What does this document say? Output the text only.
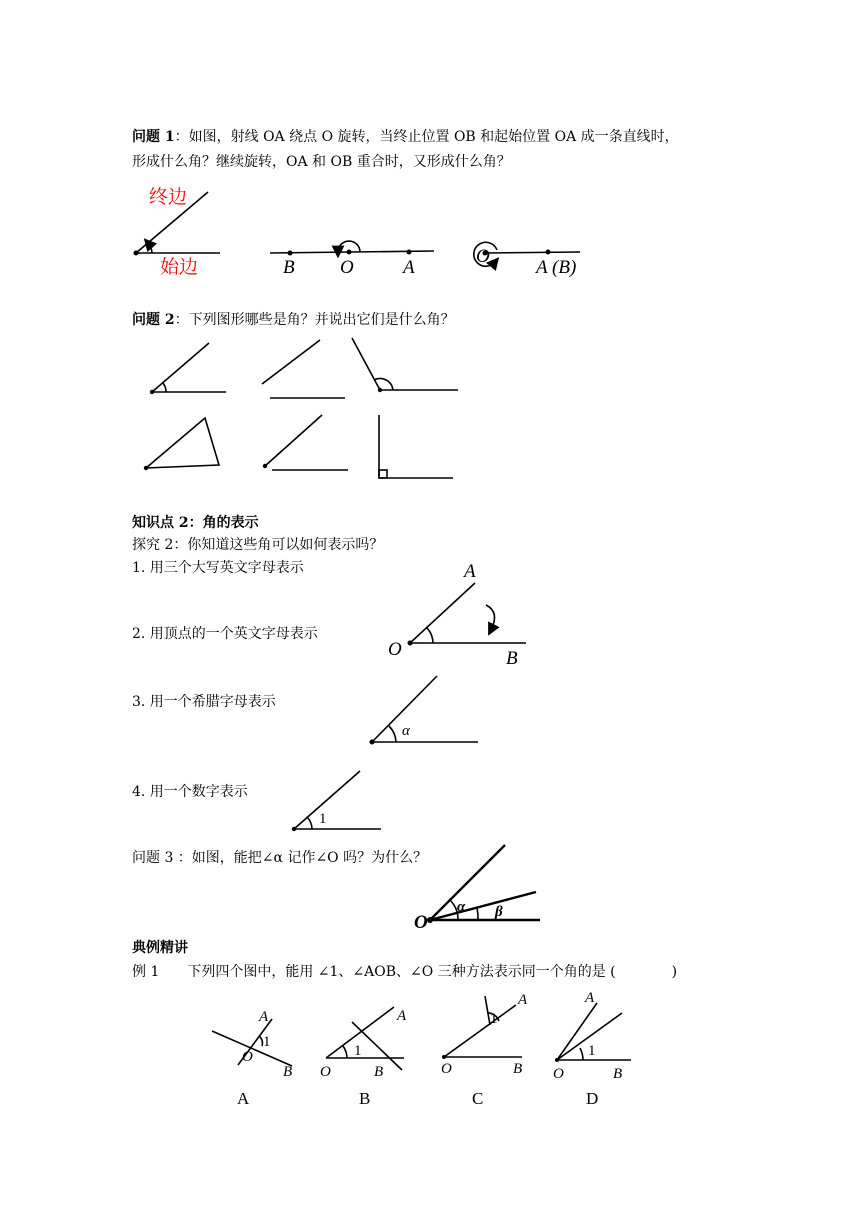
问题 1：如图，射线 OA 绕点 O 旋转，当终止位置 OB 和起始位置 OA 成一条直线时，
形成什么角？继续旋转，OA 和 OB 重合时，又形成什么角？
问题 2：下列图形哪些是角？并说出它们是什么角？
知识点 2：角的表示
探究 2：你知道这些角可以如何表示吗？
1. 用三个大写英文字母表示
2. 用顶点的一个英文字母表示
3. 用一个希腊字母表示
4. 用一个数字表示
问题 3 ：如图，能把∠α 记作∠O 吗？为什么？
典例精讲
例 1　　下列四个图中，能用 ∠1、∠AOB、∠O 三种方法表示同一个角的是 (　　　　)
终边
始边	B O	A
O
A (B)
A
O	B
α
1
O
α β
A
1
O
B
A
A
1
O	B
B
A
1
O	B
C
A
1
O	B
D
